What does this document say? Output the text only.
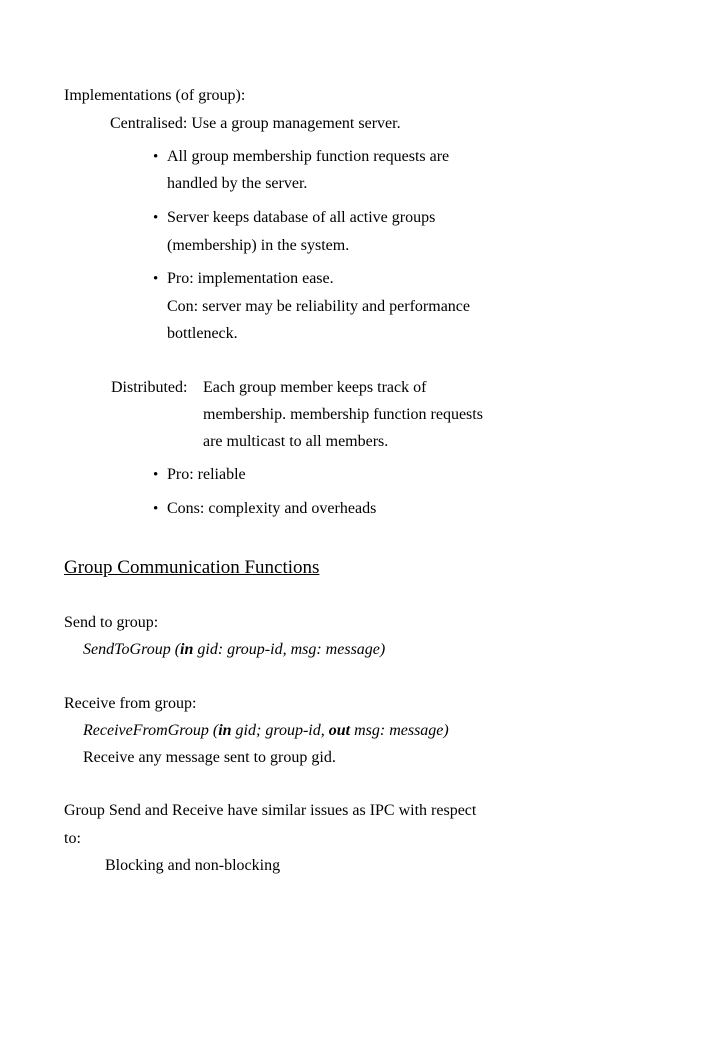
Implementations (of group):

Centralised: Use a group management server.

• All group membership function requests are

handled by the server.

• Server keeps database of all active groups

(membership) in the system.

• Pro: implementation ease.

Con: server may be reliability and performance

bottleneck.

Distributed: Each group member keeps track of

membership. membership function requests

are multicast to all members.

• Pro: reliable

• Cons: complexity and overheads

Group Communication Functions

Send to group:

SendToGroup (in gid: group-id, msg: message)

Receive from group:

ReceiveFromGroup (in gid; group-id, out msg: message)

Receive any message sent to group gid.

Group Send and Receive have similar issues as IPC with respect

to:

Blocking and non-blocking
